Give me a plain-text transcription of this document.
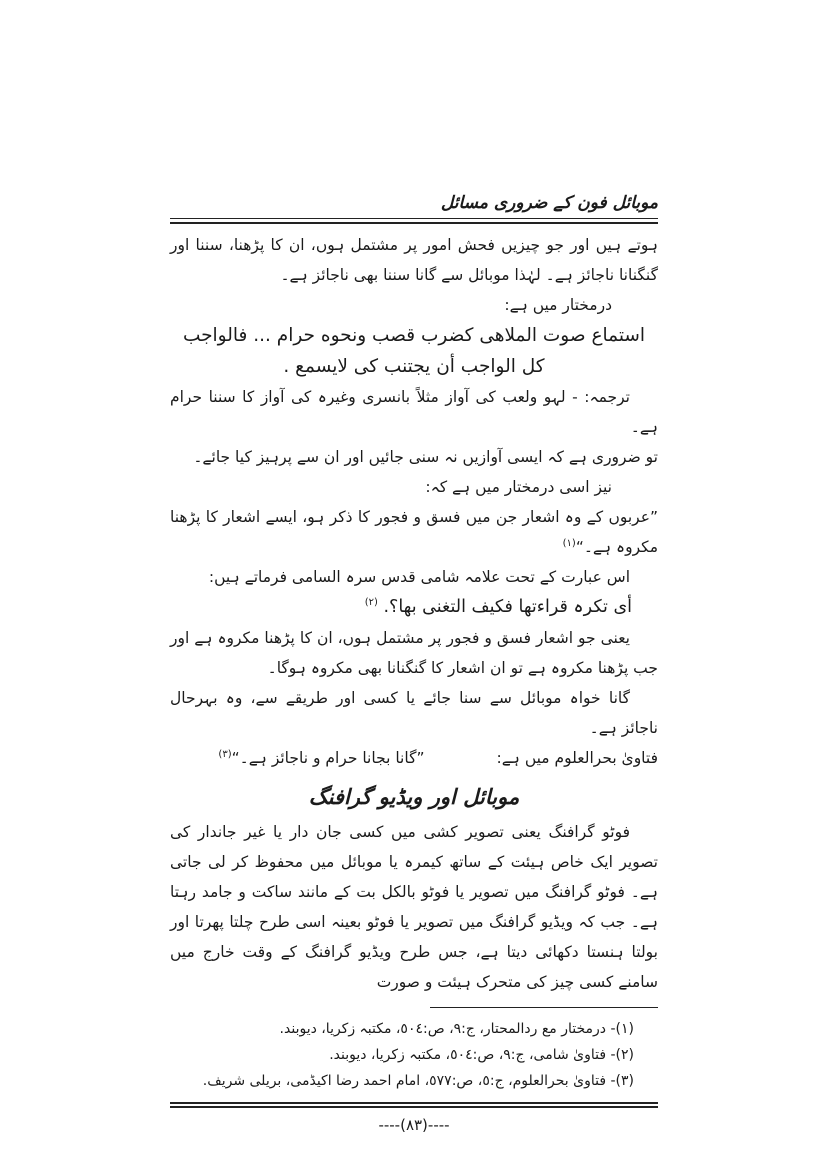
موبائل فون کے ضروری مسائل

ہوتے ہیں اور جو چیزیں فحش امور پر مشتمل ہوں، ان کا پڑھنا، سننا اور گنگنانا ناجائز ہے۔ لہٰذا موبائل سے گانا سننا بھی ناجائز ہے۔

درمختار میں ہے:

استماع صوت الملاهى كضرب قصب ونحوه حرام ... فالواجب كل الواجب أن يجتنب كى لايسمع .

ترجمہ: - لہو ولعب کی آواز مثلاً بانسری وغیرہ کی آواز کا سننا حرام ہے۔

تو ضروری ہے کہ ایسی آوازیں نہ سنی جائیں اور ان سے پرہیز کیا جائے۔

نیز اسی درمختار میں ہے کہ:

”عربوں کے وہ اشعار جن میں فسق و فجور کا ذکر ہو، ایسے اشعار کا پڑھنا مکروہ ہے۔“$^{(۱)}$

اس عبارت کے تحت علامہ شامی قدس سرہ السامی فرماتے ہیں:

أی تکرہ قراءتها فکیف التغنی بها؟. $^{(۲)}$

یعنی جو اشعار فسق و فجور پر مشتمل ہوں، ان کا پڑھنا مکروہ ہے اور جب پڑھنا مکروہ ہے تو ان اشعار کا گنگنانا بھی مکروہ ہوگا۔

گانا خواہ موبائل سے سنا جائے یا کسی اور طریقے سے، وہ بہرحال ناجائز ہے۔

فتاویٰ بحرالعلوم میں ہے:
”گانا بجانا حرام و ناجائز ہے۔“$^{(۳)}$
موبائل اور ویڈیو گرافنگ

فوٹو گرافنگ یعنی تصویر کشی میں کسی جان دار یا غیر جاندار کی تصویر ایک خاص ہیئت کے ساتھ کیمرہ یا موبائل میں محفوظ کر لی جاتی ہے۔ فوٹو گرافنگ میں تصویر یا فوٹو بالکل بت کے مانند ساکت و جامد رہتا ہے۔ جب کہ ویڈیو گرافنگ میں تصویر یا فوٹو بعینہ اسی طرح چلتا پھرتا اور بولتا ہنستا دکھائی دیتا ہے، جس طرح ویڈیو گرافنگ کے وقت خارج میں سامنے کسی چیز کی متحرک ہیئت و صورت

(۱)- درمختار مع ردالمحتار، ج:۹، ص:٥٠٤، مکتبہ زکریا، دیوبند.

(۲)- فتاویٰ شامی، ج:۹، ص:٥٠٤، مکتبہ زکریا، دیوبند.

(۳)- فتاویٰ بحرالعلوم، ج:٥، ص:٥٧٧، امام احمد رضا اکیڈمی، بریلی شریف.

----(۸۳)----
